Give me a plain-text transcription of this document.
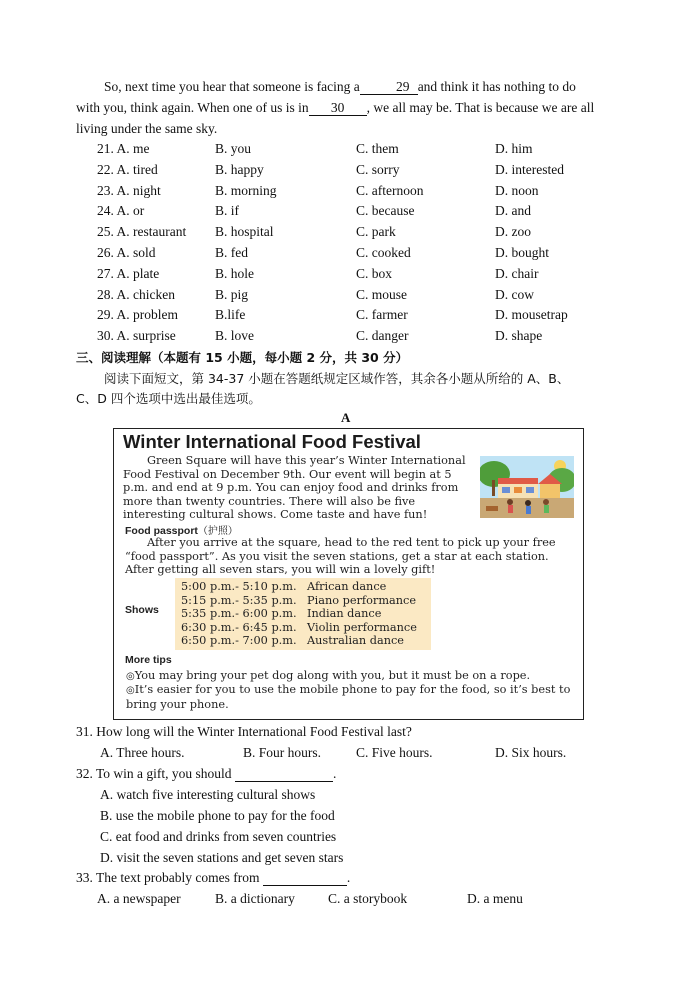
So, next time you hear that someone is facing a	29 and think it has nothing to do
with you, think again. When one of us is in 30 , we all may be. That is because we are all
living under the same sky.
21. A. me	B. you	C. them	D. him
22. A. tired	B. happy	C. sorry	D. interested
23. A. night	B. morning	C. afternoon	D. noon
24. A. or	B. if	C. because	D. and
25. A. restaurant B. hospital	C. park	D. zoo
26. A. sold	B. fed	C. cooked	D. bought
27. A. plate	B. hole	C. box	D. chair
28. A. chicken	B. pig	C. mouse	D. cow
29. A. problem	B.life	C. farmer	D. mousetrap
30. A. surprise	B. love	C. danger	D. shape
三、阅读理解（本题有 15 小题，每小题 2 分，共 30 分）
阅读下面短文，第 34-37 小题在答题纸规定区域作答，其余各小题从所给的 A、B、
C、D 四个选项中选出最佳选项。
A
Winter International Food Festival
Green Square will have this year’s Winter International Food Festival on December 9th. Our event will begin at 5 p.m. and end at 9 p.m. You can enjoy food and drinks from more than twenty countries. There will also be five interesting cultural shows. Come taste and have fun!
Food passport（护照）
After you arrive at the square, head to the red tent to pick up your free “food passport”. As you visit the seven stations, get a star at each station. After getting all seven stars, you will win a lovely gift!
Shows
5:00 p.m.- 5:10 p.m. African dance
5:15 p.m.- 5:35 p.m. Piano performance
5:35 p.m.- 6:00 p.m. Indian dance
6:30 p.m.- 6:45 p.m. Violin performance
6:50 p.m.- 7:00 p.m. Australian dance
More tips
◎You may bring your pet dog along with you, but it must be on a rope.
◎It’s easier for you to use the mobile phone to pay for the food, so it’s best to bring your phone.
31. How long will the Winter International Food Festival last?
A. Three hours.	B. Four hours.	C. Five hours.	D. Six hours.
32. To win a gift, you should	.
A. watch five interesting cultural shows
B. use the mobile phone to pay for the food
C. eat food and drinks from seven countries
D. visit the seven stations and get seven stars
33. The text probably comes from	.
A. a newspaper	B. a dictionary C. a storybook	D. a menu
